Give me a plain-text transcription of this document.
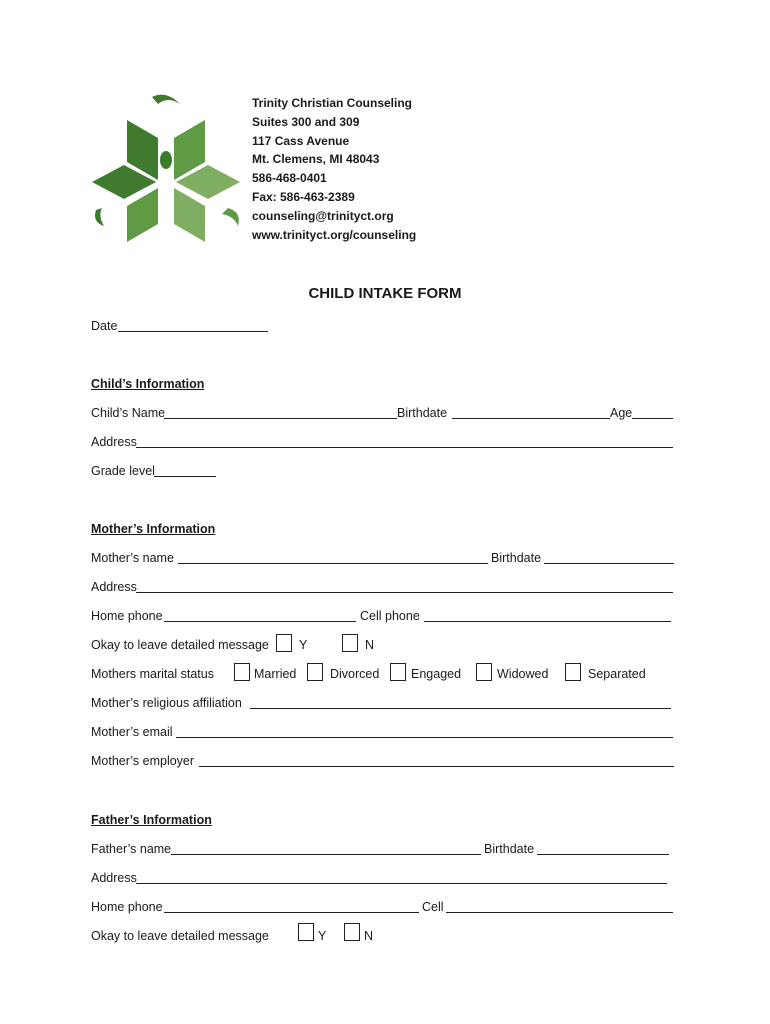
Trinity Christian Counseling
Suites 300 and 309
117 Cass Avenue
Mt. Clemens, MI 48043
586-468-0401
Fax: 586-463-2389
counseling@trinityct.org
www.trinityct.org/counseling
CHILD INTAKE FORM
Date
Child’s Information
Child’s Name	Birthdate	Age
Address
Grade level
Mother’s Information
Mother’s name	Birthdate
Address
Home phone	Cell phone
Okay to leave detailed message Y	N
Mothers marital status	Married	Divorced	Engaged	Widowed	Separated
Mother’s religious affiliation
Mother’s email
Mother’s employer
Father’s Information
Father’s name	Birthdate
Address
Home phone	Cell
Okay to leave detailed message	Y	N
